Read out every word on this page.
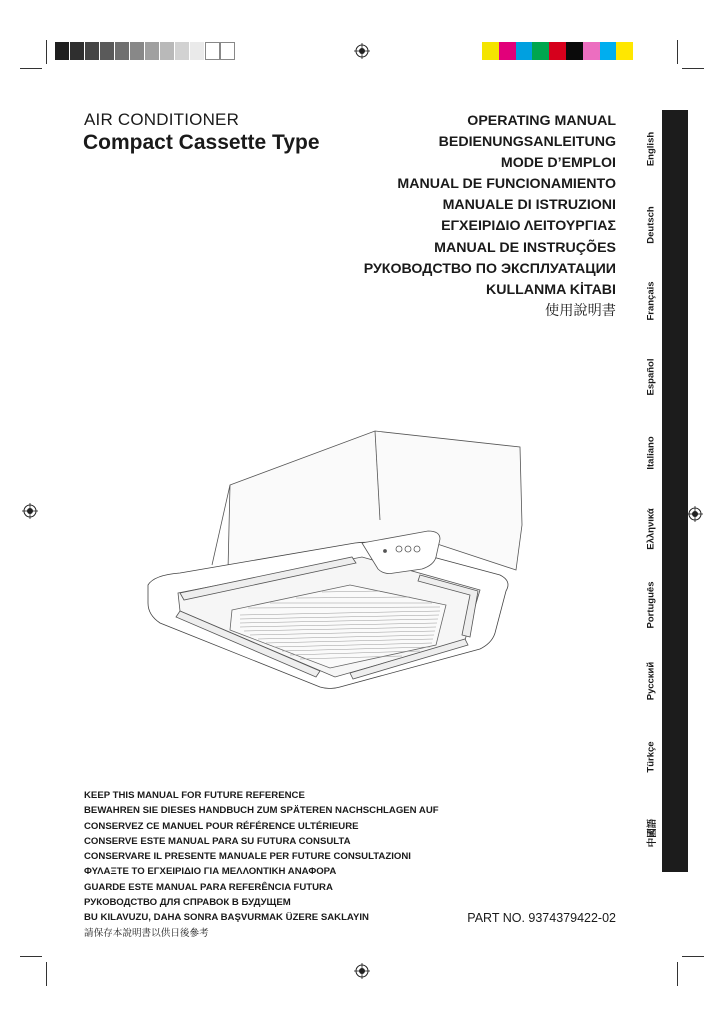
AIR CONDITIONER
Compact Cassette Type
OPERATING MANUAL
BEDIENUNGSANLEITUNG
MODE D’EMPLOI
MANUAL DE FUNCIONAMIENTO
MANUALE DI ISTRUZIONI
ΕΓΧΕΙΡΙΔΙΟ ΛΕΙΤΟΥΡΓΙΑΣ
MANUAL DE INSTRUÇÕES
РУКОВОДСТВО ПО ЭКСПЛУАТАЦИИ
KULLANMA KİTABI
使用說明書
English
Deutsch
Français
Español
Italiano
Ελληνικά
Português
Русский
Türkçe
中國語
KEEP THIS MANUAL FOR FUTURE REFERENCE
BEWAHREN SIE DIESES HANDBUCH ZUM SPÄTEREN NACHSCHLAGEN AUF
CONSERVEZ CE MANUEL POUR RÉFÉRENCE ULTÉRIEURE
CONSERVE ESTE MANUAL PARA SU FUTURA CONSULTA
CONSERVARE IL PRESENTE MANUALE PER FUTURE CONSULTAZIONI
ΦΥΛΑΞΤΕ ΤΟ ΕΓΧΕΙΡΙΔΙΟ ΓΙΑ ΜΕΛΛΟΝΤΙΚΗ ΑΝΑΦΟΡΑ
GUARDE ESTE MANUAL PARA REFERÊNCIA FUTURA
РУКОВОДСТВО ДЛЯ СПРАВОК В БУДУЩЕМ
BU KILAVUZU, DAHA SONRA BAŞVURMAK ÜZERE SAKLAYIN
請保存本說明書以供日後參考
PART NO. 9374379422-02
